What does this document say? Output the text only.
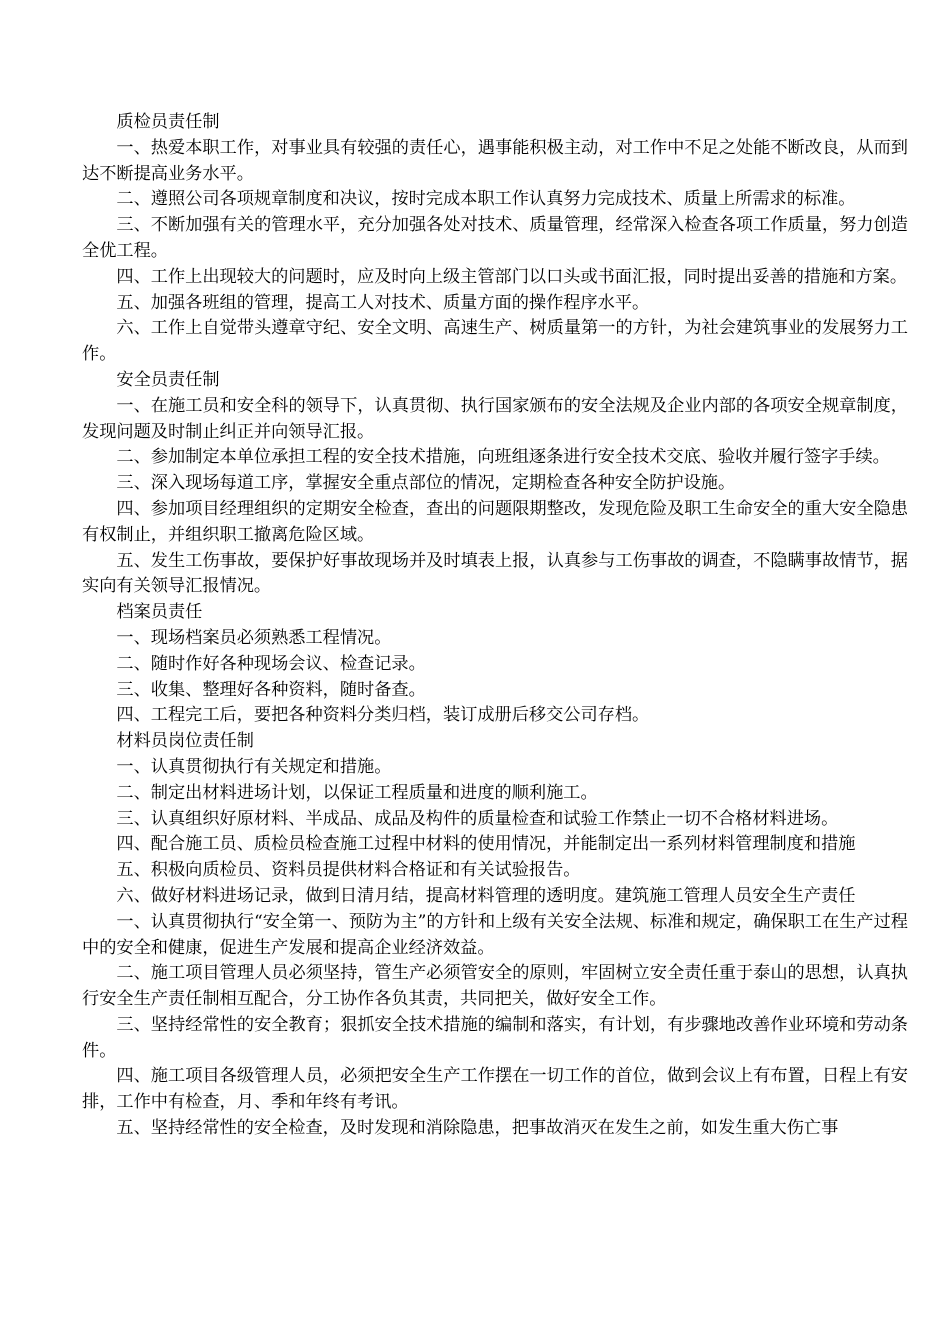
质检员责任制

一、热爱本职工作，对事业具有较强的责任心，遇事能积极主动，对工作中不足之处能不断改良，从而到达不断提高业务水平。

二、遵照公司各项规章制度和决议，按时完成本职工作认真努力完成技术、质量上所需求的标准。

三、不断加强有关的管理水平，充分加强各处对技术、质量管理，经常深入检查各项工作质量，努力创造全优工程。

四、工作上出现较大的问题时，应及时向上级主管部门以口头或书面汇报，同时提出妥善的措施和方案。

五、加强各班组的管理，提高工人对技术、质量方面的操作程序水平。

六、工作上自觉带头遵章守纪、安全文明、高速生产、树质量第一的方针，为社会建筑事业的发展努力工作。

安全员责任制

一、在施工员和安全科的领导下，认真贯彻、执行国家颁布的安全法规及企业内部的各项安全规章制度，发现问题及时制止纠正并向领导汇报。

二、参加制定本单位承担工程的安全技术措施，向班组逐条进行安全技术交底、验收并履行签字手续。

三、深入现场每道工序，掌握安全重点部位的情况，定期检查各种安全防护设施。

四、参加项目经理组织的定期安全检查，查出的问题限期整改，发现危险及职工生命安全的重大安全隐患有权制止，并组织职工撤离危险区域。

五、发生工伤事故，要保护好事故现场并及时填表上报，认真参与工伤事故的调查，不隐瞒事故情节，据实向有关领导汇报情况。

档案员责任

一、现场档案员必须熟悉工程情况。

二、随时作好各种现场会议、检查记录。

三、收集、整理好各种资料，随时备查。

四、工程完工后，要把各种资料分类归档，装订成册后移交公司存档。

材料员岗位责任制

一、认真贯彻执行有关规定和措施。

二、制定出材料进场计划，以保证工程质量和进度的顺利施工。

三、认真组织好原材料、半成品、成品及构件的质量检查和试验工作禁止一切不合格材料进场。

四、配合施工员、质检员检查施工过程中材料的使用情况，并能制定出一系列材料管理制度和措施

五、积极向质检员、资料员提供材料合格证和有关试验报告。

六、做好材料进场记录，做到日清月结，提高材料管理的透明度。建筑施工管理人员安全生产责任

一、认真贯彻执行“安全第一、预防为主”的方针和上级有关安全法规、标准和规定，确保职工在生产过程中的安全和健康，促进生产发展和提高企业经济效益。

二、施工项目管理人员必须坚持，管生产必须管安全的原则，牢固树立安全责任重于泰山的思想，认真执行安全生产责任制相互配合，分工协作各负其责，共同把关，做好安全工作。

三、坚持经常性的安全教育；狠抓安全技术措施的编制和落实，有计划，有步骤地改善作业环境和劳动条件。

四、施工项目各级管理人员，必须把安全生产工作摆在一切工作的首位，做到会议上有布置，日程上有安排，工作中有检查，月、季和年终有考讯。

五、坚持经常性的安全检查，及时发现和消除隐患，把事故消灭在发生之前，如发生重大伤亡事
